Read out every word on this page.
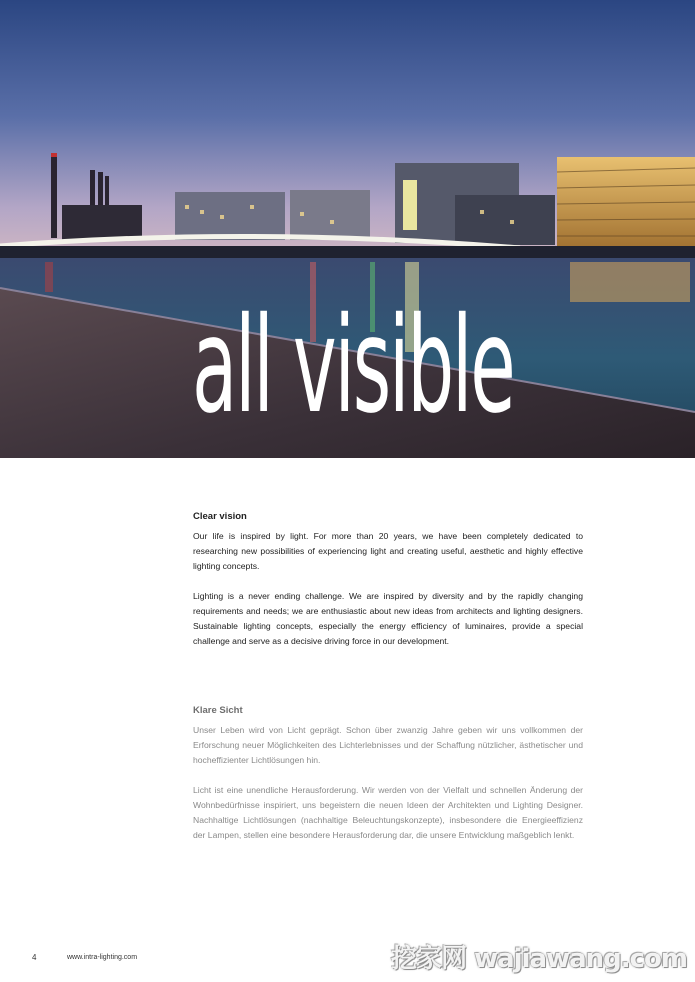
all visible
Clear vision

Our life is inspired by light. For more than 20 years, we have been completely dedicated to researching new possibilities of experiencing light and creating useful, aesthetic and highly effective lighting concepts.

Lighting is a never ending challenge. We are inspired by diversity and by the rapidly changing requirements and needs; we are enthusiastic about new ideas from architects and lighting designers. Sustainable lighting concepts, especially the energy efficiency of luminaires, provide a special challenge and serve as a decisive driving force in our development.

Klare Sicht

Unser Leben wird von Licht geprägt. Schon über zwanzig Jahre geben wir uns vollkommen der Erforschung neuer Möglichkeiten des Lichterlebnisses und der Schaffung nützlicher, ästhetischer und hocheffizienter Lichtlösungen hin.

Licht ist eine unendliche Herausforderung. Wir werden von der Vielfalt und schnellen Änderung der Wohnbedürfnisse inspiriert, uns begeistern die neuen Ideen der Architekten und Lighting Designer. Nachhaltige Lichtlösungen (nachhaltige Beleuchtungskonzepte), insbesondere die Energieeffizienz der Lampen, stellen eine besondere Herausforderung dar, die unsere Entwicklung maßgeblich lenkt.

4	www.intra-lighting.com	挖家网 wajiawang.com
